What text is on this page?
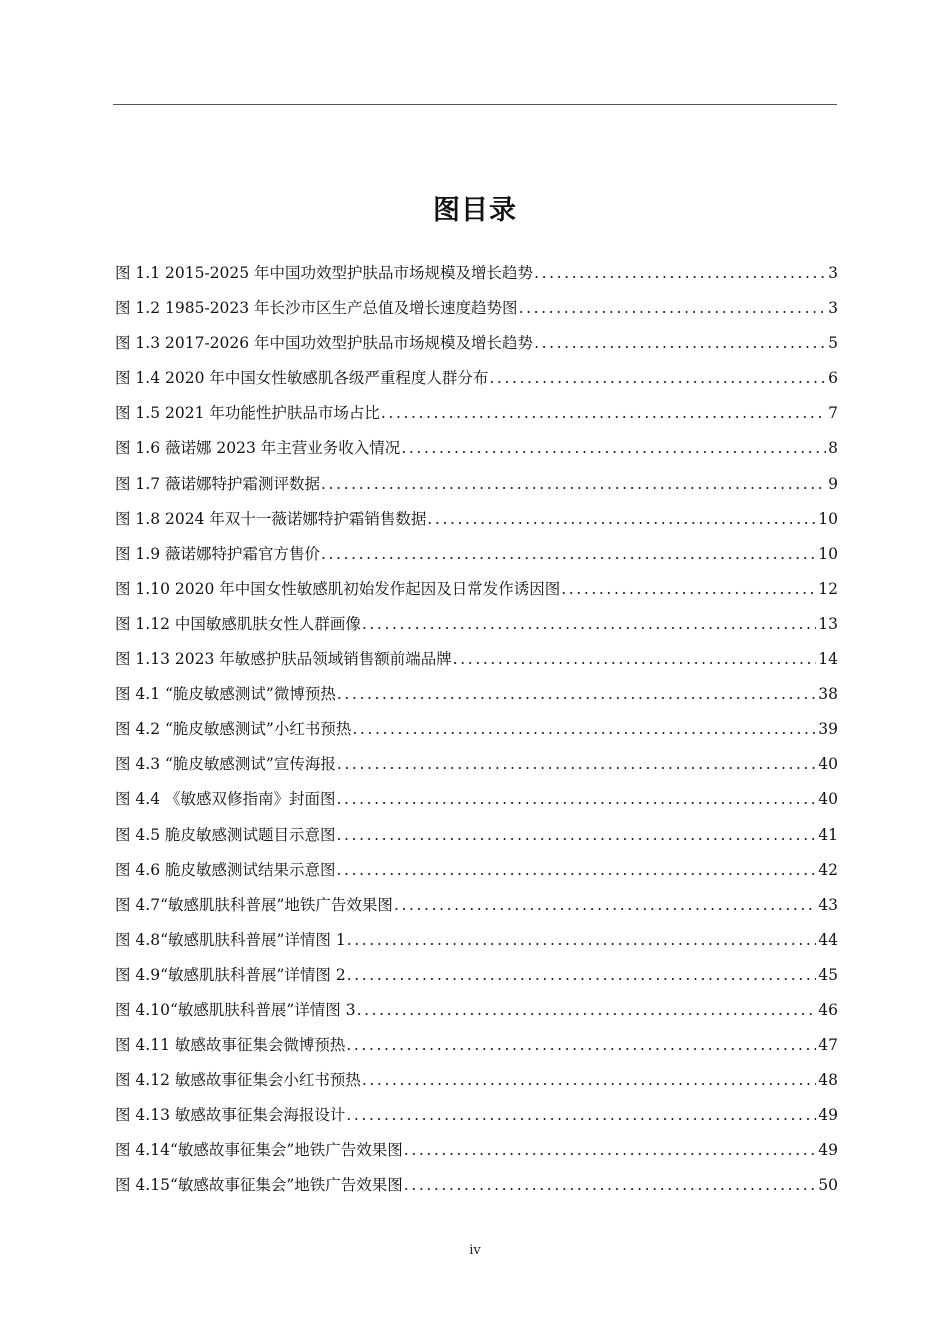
图目录
图 1.1 2015-2025 年中国功效型护肤品市场规模及增长趋势 .....	3
图 1.2 1985-2023 年长沙市区生产总值及增长速度趋势图 .....	3
图 1.3 2017-2026 年中国功效型护肤品市场规模及增长趋势 .....	5
图 1.4 2020 年中国女性敏感肌各级严重程度人群分布 .....	6
图 1.5 2021 年功能性护肤品市场占比 .....	7
图 1.6 薇诺娜 2023 年主营业务收入情况 .....	8
图 1.7 薇诺娜特护霜测评数据 .....	9
图 1.8 2024 年双十一薇诺娜特护霜销售数据 .....	10
图 1.9 薇诺娜特护霜官方售价 .....	10
图 1.10 2020 年中国女性敏感肌初始发作起因及日常发作诱因图 .....	12
图 1.12 中国敏感肌肤女性人群画像 .....	13
图 1.13 2023 年敏感护肤品领域销售额前端品牌 .....	14
图 4.1 “脆皮敏感测试”微博预热 .....	38
图 4.2 “脆皮敏感测试”小红书预热 .....	39
图 4.3 “脆皮敏感测试”宣传海报 .....	40
图 4.4 《敏感双修指南》封面图 .....	40
图 4.5 脆皮敏感测试题目示意图 .....	41
图 4.6 脆皮敏感测试结果示意图 .....	42
图 4.7“敏感肌肤科普展”地铁广告效果图 .....	43
图 4.8“敏感肌肤科普展”详情图 1 .....	44
图 4.9“敏感肌肤科普展”详情图 2 .....	45
图 4.10“敏感肌肤科普展”详情图 3 .....	46
图 4.11 敏感故事征集会微博预热 .....	47
图 4.12 敏感故事征集会小红书预热 .....	48
图 4.13 敏感故事征集会海报设计 .....	49
图 4.14“敏感故事征集会”地铁广告效果图 .....	49
图 4.15“敏感故事征集会”地铁广告效果图 .....	50
iv
